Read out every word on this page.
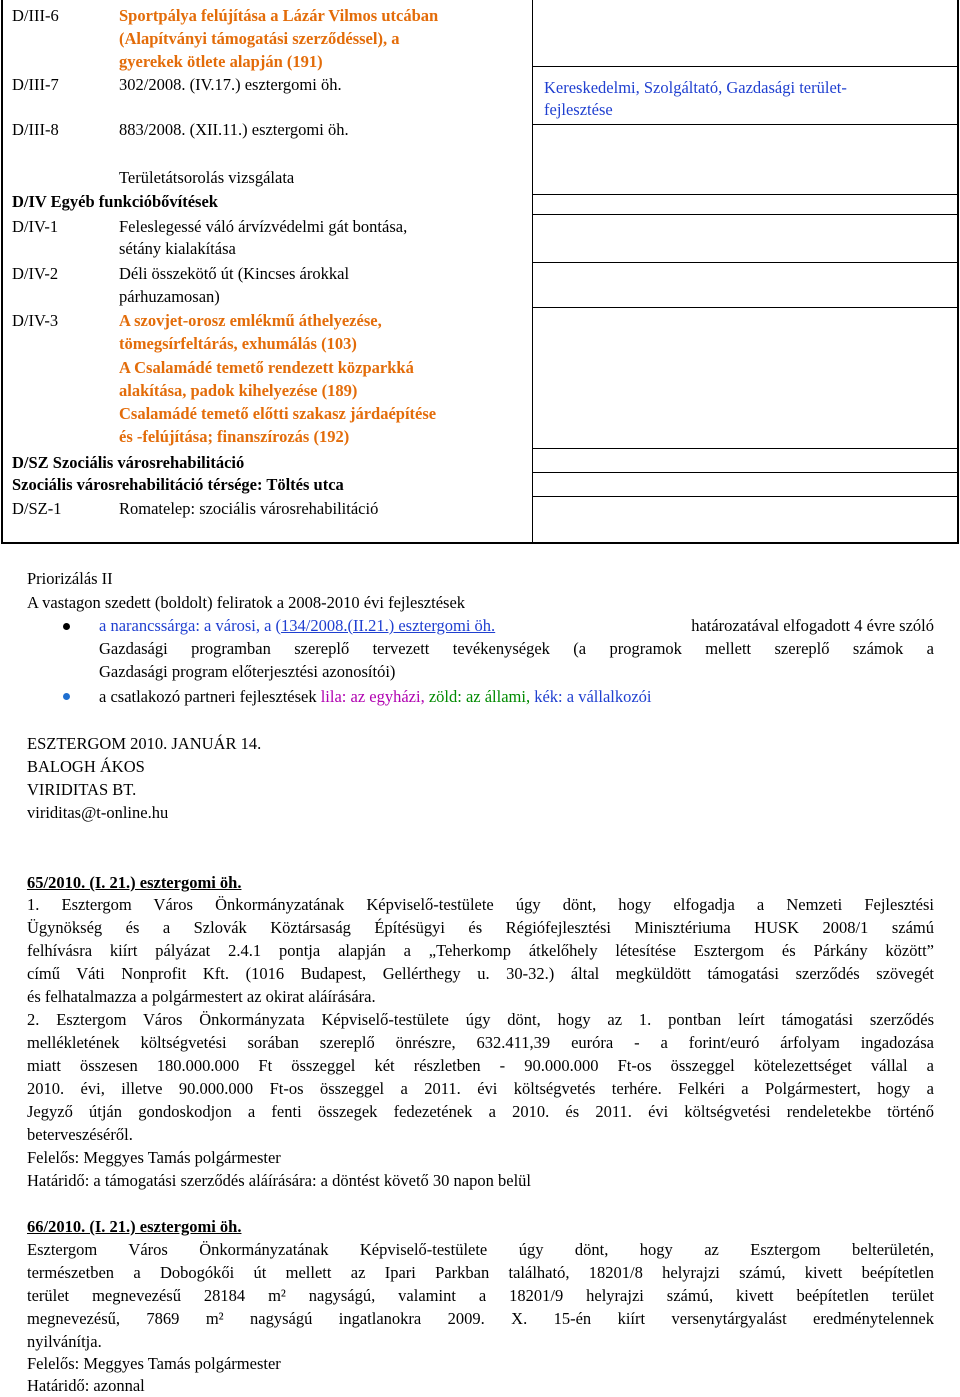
D/III-6	Sportpálya felújítása a Lázár Vilmos utcában
(Alapítványi támogatási szerződéssel), a
gyerekek ötlete alapján (191)
D/III-7	302/2008. (IV.17.) esztergomi öh.	Kereskedelmi, Szolgáltató, Gazdasági terület-
fejlesztése
D/III-8	883/2008. (XII.11.) esztergomi öh.
Területátsorolás vizsgálata
D/IV Egyéb funkcióbővítések
D/IV-1	Feleslegessé váló árvízvédelmi gát bontása,
sétány kialakítása
D/IV-2	Déli összekötő út (Kincses árokkal
párhuzamosan)
D/IV-3	A szovjet-orosz emlékmű áthelyezése,
tömegsírfeltárás, exhumálás (103)
A Csalamádé temető rendezett közparkká
alakítása, padok kihelyezése (189)
Csalamádé temető előtti szakasz járdaépítése
és -felújítása; finanszírozás (192)
D/SZ Szociális városrehabilitáció
Szociális városrehabilitáció térsége: Töltés utca
D/SZ-1	Romatelep: szociális városrehabilitáció
Priorizálás II
A vastagon szedett (boldolt) feliratok a 2008-2010 évi fejlesztések
a narancssárga: a városi, a (134/2008.(II.21.) esztergomi öh.	határozatával elfogadott 4 évre szóló
Gazdasági programban szereplő tervezett tevékenységek (a programok mellett szereplő számok a
Gazdasági program előterjesztési azonosítói)
a csatlakozó partneri fejlesztések lila: az egyházi, zöld: az állami, kék: a vállalkozói
ESZTERGOM 2010. JANUÁR 14.
BALOGH ÁKOS
VIRIDITAS BT.
viriditas@t-online.hu
65/2010. (I. 21.) esztergomi öh.
1. Esztergom Város Önkormányzatának Képviselő-testülete úgy dönt, hogy elfogadja a Nemzeti Fejlesztési
Ügynökség és a Szlovák Köztársaság Építésügyi és Régiófejlesztési Minisztériuma HUSK 2008/1 számú
felhívásra kiírt pályázat 2.4.1 pontja alapján a „Teherkomp átkelőhely létesítése Esztergom és Párkány között”
című Váti Nonprofit Kft. (1016 Budapest, Gellérthegy u. 30-32.) által megküldött támogatási szerződés szövegét
és felhatalmazza a polgármestert az okirat aláírására.
2. Esztergom Város Önkormányzata Képviselő-testülete úgy dönt, hogy az 1. pontban leírt támogatási szerződés
mellékletének költségvetési sorában szereplő önrészre, 632.411,39 euróra - a forint/euró árfolyam ingadozása
miatt összesen 180.000.000 Ft összeggel két részletben - 90.000.000 Ft-os összeggel kötelezettséget vállal a
2010. évi, illetve 90.000.000 Ft-os összeggel a 2011. évi költségvetés terhére. Felkéri a Polgármestert, hogy a
Jegyző útján gondoskodjon a fenti összegek fedezetének a 2010. és 2011. évi költségvetési rendeletekbe történő
beterveszéséről.
Felelős: Meggyes Tamás polgármester
Határidő: a támogatási szerződés aláírására: a döntést követő 30 napon belül
66/2010. (I. 21.) esztergomi öh.
Esztergom Város Önkormányzatának Képviselő-testülete úgy dönt, hogy az Esztergom belterületén,
természetben a Dobogókői út mellett az Ipari Parkban található, 18201/8 helyrajzi számú, kivett beépítetlen
terület megnevezésű 28184 m² nagyságú, valamint a 18201/9 helyrajzi számú, kivett beépítetlen terület
megnevezésű, 7869 m² nagyságú ingatlanokra 2009. X. 15-én kiírt versenytárgyalást eredménytelennek
nyilvánítja.
Felelős: Meggyes Tamás polgármester
Határidő: azonnal
